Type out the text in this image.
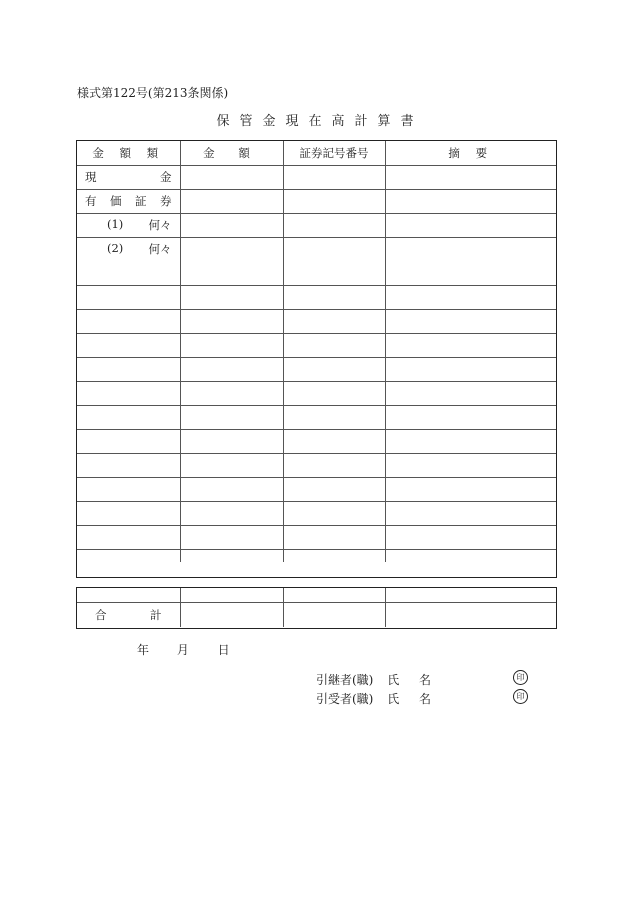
様式第122号(第213条関係)
保管金現在高計算書
金 額 類	金 額	証券記号番号	摘 要

現 金			

有 価 証 券			

(1) 何々			

(2) 何々			

合 計			

年 月 日
引継者(職) 氏 名	印
引受者(職) 氏 名	印
